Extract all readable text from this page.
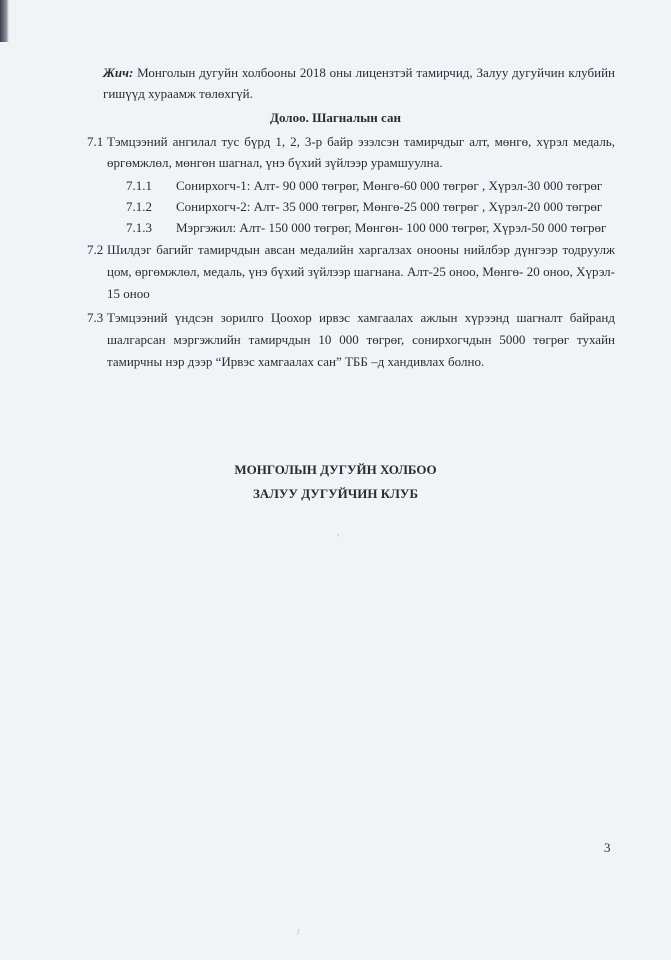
Жич: Монголын дугуйн холбооны 2018 оны лицензтэй тамирчид, Залуу дугуйчин клубийн
гишүүд хураамж төлөхгүй.
Долоо. Шагналын сан
7.1 Тэмцээний ангилал тус бүрд 1, 2, 3-р байр эзэлсэн тамирчдыг алт, мөнгө, хүрэл медаль,
өргөмжлөл, мөнгөн шагнал, үнэ бүхий зүйлээр урамшуулна.
7.1.1 Сонирхогч-1: Алт- 90 000 төгрөг, Мөнгө-60 000 төгрөг , Хүрэл-30 000 төгрөг
7.1.2 Сонирхогч-2: Алт- 35 000 төгрөг, Мөнгө-25 000 төгрөг , Хүрэл-20 000 төгрөг
7.1.3 Мэргэжил: Алт- 150 000 төгрөг, Мөнгөн- 100 000 төгрөг, Хүрэл-50 000 төгрөг
7.2 Шилдэг багийг тамирчдын авсан медалийн харгалзах онооны нийлбэр дүнгээр тодруулж
цом, өргөмжлөл, медаль, үнэ бүхий зүйлээр шагнана. Алт-25 оноо, Мөнгө- 20 оноо, Хүрэл-
15 оноо
7.3 Тэмцээний үндсэн зорилго Цоохор ирвэс хамгаалах ажлын хүрээнд шагналт байранд
шалгарсан мэргэжлийн тамирчдын 10 000 төгрөг, сонирхогчдын 5000 төгрөг тухайн
тамирчны нэр дээр “Ирвэс хамгаалах сан” ТББ –д хандивлах болно.
МОНГОЛЫН ДУГУЙН ХОЛБОО
ЗАЛУУ ДУГУЙЧИН КЛУБ
,
/
3
